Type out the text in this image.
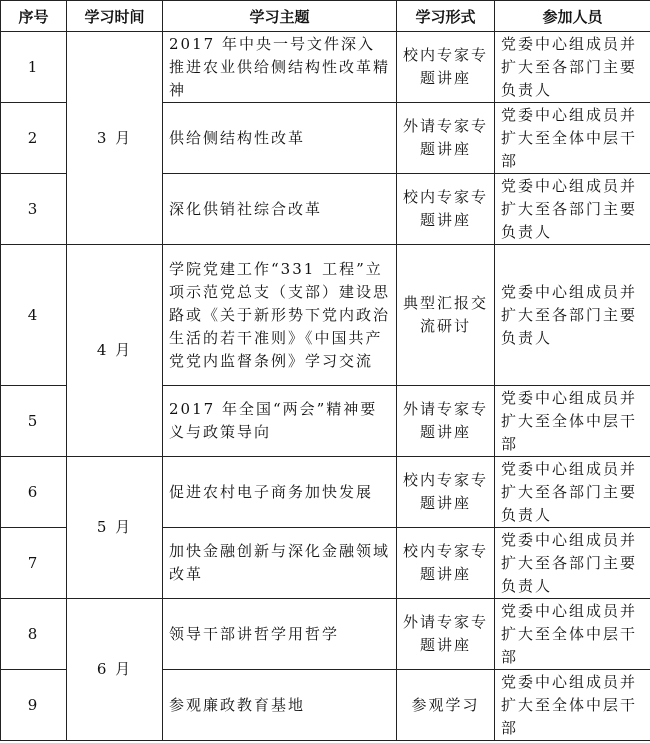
序号	学习时间	学习主题	学习形式	参加人员
1	3 月	2017 年中央一号文件深入推进农业供给侧结构性改革精神	校内专家专题讲座	党委中心组成员并扩大至各部门主要负责人
2		供给侧结构性改革	外请专家专题讲座	党委中心组成员并扩大至全体中层干部
3		深化供销社综合改革	校内专家专题讲座	党委中心组成员并扩大至各部门主要负责人
4	4 月	学院党建工作“331 工程”立项示范党总支（支部）建设思路或《关于新形势下党内政治生活的若干准则》《中国共产党党内监督条例》学习交流	典型汇报交流研讨	党委中心组成员并扩大至各部门主要负责人
5		2017 年全国“两会”精神要义与政策导向	外请专家专题讲座	党委中心组成员并扩大至全体中层干部
6	5 月	促进农村电子商务加快发展	校内专家专题讲座	党委中心组成员并扩大至各部门主要负责人
7		加快金融创新与深化金融领域改革	校内专家专题讲座	党委中心组成员并扩大至各部门主要负责人
8	6 月	领导干部讲哲学用哲学	外请专家专题讲座	党委中心组成员并扩大至全体中层干部
9		参观廉政教育基地	参观学习	党委中心组成员并扩大至全体中层干部
